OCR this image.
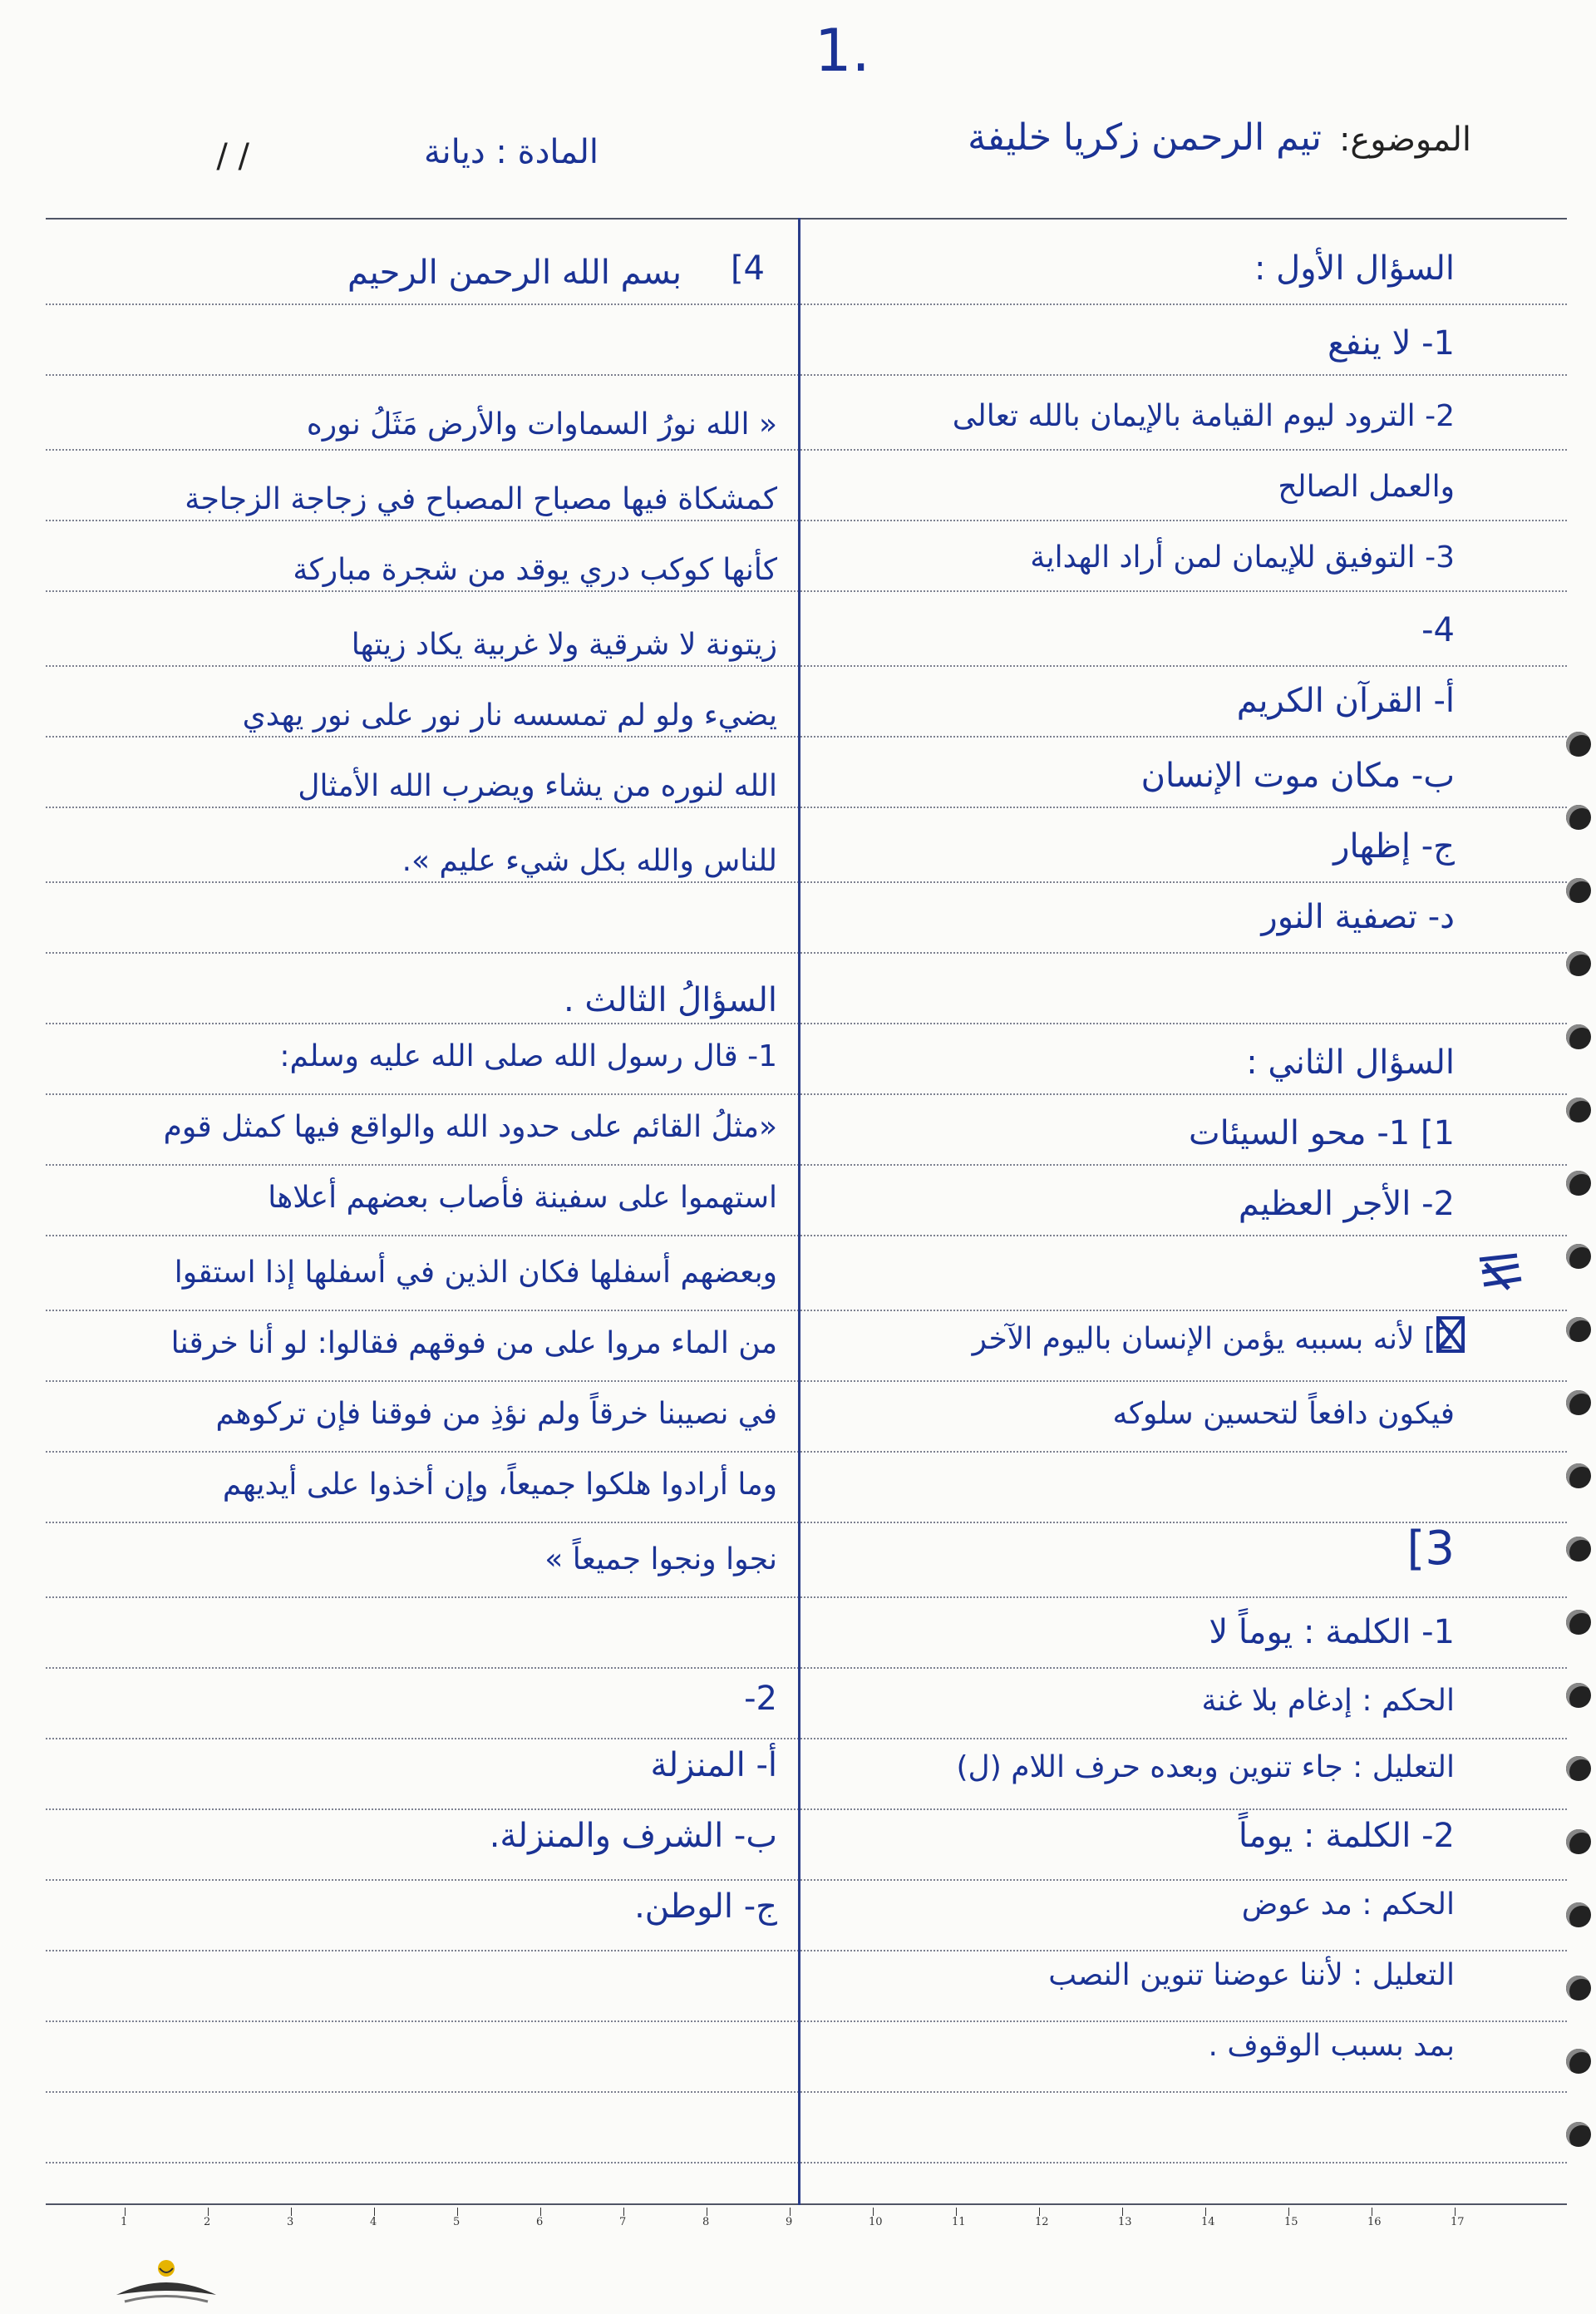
1.
الموضوع:
تيم الرحمن زكريا خليفة
المادة : ديانة
/ /
4]
بسم الله الرحمن الرحيم
« الله نورُ السماوات والأرض مَثَلُ نوره
كمشكاة فيها مصباح المصباح في زجاجة الزجاجة
كأنها كوكب دري يوقد من شجرة مباركة
زيتونة لا شرقية ولا غربية يكاد زيتها
يضيء ولو لم تمسسه نار نور على نور يهدي
الله لنوره من يشاء ويضرب الله الأمثال
للناس والله بكل شيء عليم ».
السؤالُ الثالث .
1- قال رسول الله صلى الله عليه وسلم:
«مثلُ القائم على حدود الله والواقع فيها كمثل قوم
استهموا على سفينة فأصاب بعضهم أعلاها
وبعضهم أسفلها فكان الذين في أسفلها إذا استقوا
من الماء مروا على من فوقهم فقالوا: لو أنا خرقنا
في نصيبنا خرقاً ولم نؤذِ من فوقنا فإن تركوهم
وما أرادوا هلكوا جميعاً، وإن أخذوا على أيديهم
نجوا ونجوا جميعاً »
2-
أ- المنزلة
ب- الشرف والمنزلة.
ج- الوطن.
السؤال الأول :
1- لا ينفع
2- الترود ليوم القيامة بالإيمان بالله تعالى
والعمل الصالح
3- التوفيق للإيمان لمن أراد الهداية
4-
أ- القرآن الكريم
ب- مكان موت الإنسان
ج- إظهار
د- تصفية النور
السؤال الثاني :
1] 1- محو السيئات
2- الأجر العظيم
2] لأنه بسببه يؤمن الإنسان باليوم الآخر
فيكون دافعاً لتحسين سلوكه
3]
1- الكلمة : يوماً لا
الحكم : إدغام بلا غنة
التعليل : جاء تنوين وبعده حرف اللام (ل)
2- الكلمة : يوماً
الحكم : مد عوض
التعليل : لأننا عوضنا تنوين النصب
بمد بسبب الوقوف .
1	2	3	4	5	6	7	8	9	10	11	12	13	14	15	16	17
